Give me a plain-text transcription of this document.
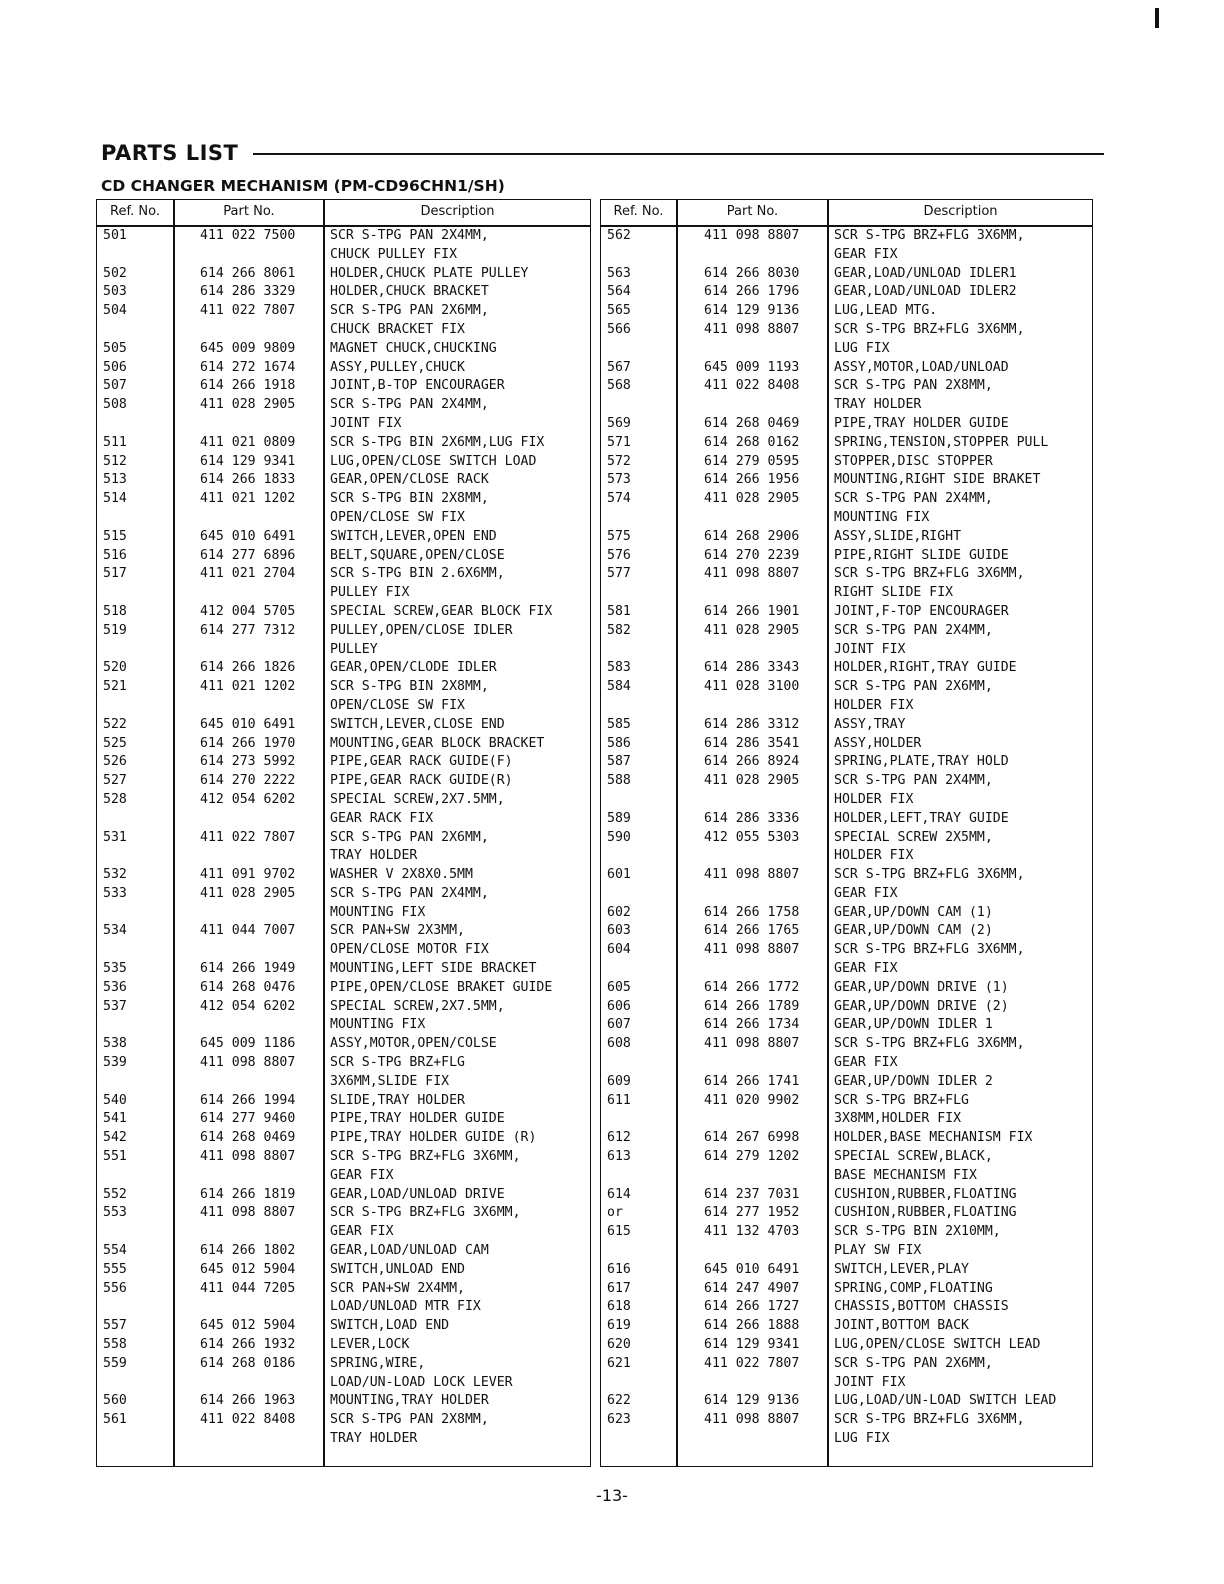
PARTS LIST
CD CHANGER MECHANISM (PM-CD96CHN1/SH)
Ref. No.	Part No.	Description
501	411 022 7500	SCR S-TPG PAN 2X4MM,
CHUCK PULLEY FIX
502	614 266 8061	HOLDER,CHUCK PLATE PULLEY
503	614 286 3329	HOLDER,CHUCK BRACKET
504	411 022 7807	SCR S-TPG PAN 2X6MM,
CHUCK BRACKET FIX
505	645 009 9809	MAGNET CHUCK,CHUCKING
506	614 272 1674	ASSY,PULLEY,CHUCK
507	614 266 1918	JOINT,B-TOP ENCOURAGER
508	411 028 2905	SCR S-TPG PAN 2X4MM,
JOINT FIX
511	411 021 0809	SCR S-TPG BIN 2X6MM,LUG FIX
512	614 129 9341	LUG,OPEN/CLOSE SWITCH LOAD
513	614 266 1833	GEAR,OPEN/CLOSE RACK
514	411 021 1202	SCR S-TPG BIN 2X8MM,
OPEN/CLOSE SW FIX
515	645 010 6491	SWITCH,LEVER,OPEN END
516	614 277 6896	BELT,SQUARE,OPEN/CLOSE
517	411 021 2704	SCR S-TPG BIN 2.6X6MM,
PULLEY FIX
518	412 004 5705	SPECIAL SCREW,GEAR BLOCK FIX
519	614 277 7312	PULLEY,OPEN/CLOSE IDLER
PULLEY
520	614 266 1826	GEAR,OPEN/CLODE IDLER
521	411 021 1202	SCR S-TPG BIN 2X8MM,
OPEN/CLOSE SW FIX
522	645 010 6491	SWITCH,LEVER,CLOSE END
525	614 266 1970	MOUNTING,GEAR BLOCK BRACKET
526	614 273 5992	PIPE,GEAR RACK GUIDE(F)
527	614 270 2222	PIPE,GEAR RACK GUIDE(R)
528	412 054 6202	SPECIAL SCREW,2X7.5MM,
GEAR RACK FIX
531	411 022 7807	SCR S-TPG PAN 2X6MM,
TRAY HOLDER
532	411 091 9702	WASHER V 2X8X0.5MM
533	411 028 2905	SCR S-TPG PAN 2X4MM,
MOUNTING FIX
534	411 044 7007	SCR PAN+SW 2X3MM,
OPEN/CLOSE MOTOR FIX
535	614 266 1949	MOUNTING,LEFT SIDE BRACKET
536	614 268 0476	PIPE,OPEN/CLOSE BRAKET GUIDE
537	412 054 6202	SPECIAL SCREW,2X7.5MM,
MOUNTING FIX
538	645 009 1186	ASSY,MOTOR,OPEN/COLSE
539	411 098 8807	SCR S-TPG BRZ+FLG
3X6MM,SLIDE FIX
540	614 266 1994	SLIDE,TRAY HOLDER
541	614 277 9460	PIPE,TRAY HOLDER GUIDE
542	614 268 0469	PIPE,TRAY HOLDER GUIDE (R)
551	411 098 8807	SCR S-TPG BRZ+FLG 3X6MM,
GEAR FIX
552	614 266 1819	GEAR,LOAD/UNLOAD DRIVE
553	411 098 8807	SCR S-TPG BRZ+FLG 3X6MM,
GEAR FIX
554	614 266 1802	GEAR,LOAD/UNLOAD CAM
555	645 012 5904	SWITCH,UNLOAD END
556	411 044 7205	SCR PAN+SW 2X4MM,
LOAD/UNLOAD MTR FIX
557	645 012 5904	SWITCH,LOAD END
558	614 266 1932	LEVER,LOCK
559	614 268 0186	SPRING,WIRE,
LOAD/UN-LOAD LOCK LEVER
560	614 266 1963	MOUNTING,TRAY HOLDER
561	411 022 8408	SCR S-TPG PAN 2X8MM,
TRAY HOLDER
Ref. No.	Part No.	Description
562	411 098 8807	SCR S-TPG BRZ+FLG 3X6MM,
GEAR FIX
563	614 266 8030	GEAR,LOAD/UNLOAD IDLER1
564	614 266 1796	GEAR,LOAD/UNLOAD IDLER2
565	614 129 9136	LUG,LEAD MTG.
566	411 098 8807	SCR S-TPG BRZ+FLG 3X6MM,
LUG FIX
567	645 009 1193	ASSY,MOTOR,LOAD/UNLOAD
568	411 022 8408	SCR S-TPG PAN 2X8MM,
TRAY HOLDER
569	614 268 0469	PIPE,TRAY HOLDER GUIDE
571	614 268 0162	SPRING,TENSION,STOPPER PULL
572	614 279 0595	STOPPER,DISC STOPPER
573	614 266 1956	MOUNTING,RIGHT SIDE BRAKET
574	411 028 2905	SCR S-TPG PAN 2X4MM,
MOUNTING FIX
575	614 268 2906	ASSY,SLIDE,RIGHT
576	614 270 2239	PIPE,RIGHT SLIDE GUIDE
577	411 098 8807	SCR S-TPG BRZ+FLG 3X6MM,
RIGHT SLIDE FIX
581	614 266 1901	JOINT,F-TOP ENCOURAGER
582	411 028 2905	SCR S-TPG PAN 2X4MM,
JOINT FIX
583	614 286 3343	HOLDER,RIGHT,TRAY GUIDE
584	411 028 3100	SCR S-TPG PAN 2X6MM,
HOLDER FIX
585	614 286 3312	ASSY,TRAY
586	614 286 3541	ASSY,HOLDER
587	614 266 8924	SPRING,PLATE,TRAY HOLD
588	411 028 2905	SCR S-TPG PAN 2X4MM,
HOLDER FIX
589	614 286 3336	HOLDER,LEFT,TRAY GUIDE
590	412 055 5303	SPECIAL SCREW 2X5MM,
HOLDER FIX
601	411 098 8807	SCR S-TPG BRZ+FLG 3X6MM,
GEAR FIX
602	614 266 1758	GEAR,UP/DOWN CAM (1)
603	614 266 1765	GEAR,UP/DOWN CAM (2)
604	411 098 8807	SCR S-TPG BRZ+FLG 3X6MM,
GEAR FIX
605	614 266 1772	GEAR,UP/DOWN DRIVE (1)
606	614 266 1789	GEAR,UP/DOWN DRIVE (2)
607	614 266 1734	GEAR,UP/DOWN IDLER 1
608	411 098 8807	SCR S-TPG BRZ+FLG 3X6MM,
GEAR FIX
609	614 266 1741	GEAR,UP/DOWN IDLER 2
611	411 020 9902	SCR S-TPG BRZ+FLG
3X8MM,HOLDER FIX
612	614 267 6998	HOLDER,BASE MECHANISM FIX
613	614 279 1202	SPECIAL SCREW,BLACK,
BASE MECHANISM FIX
614	614 237 7031	CUSHION,RUBBER,FLOATING
or	614 277 1952	CUSHION,RUBBER,FLOATING
615	411 132 4703	SCR S-TPG BIN 2X10MM,
PLAY SW FIX
616	645 010 6491	SWITCH,LEVER,PLAY
617	614 247 4907	SPRING,COMP,FLOATING
618	614 266 1727	CHASSIS,BOTTOM CHASSIS
619	614 266 1888	JOINT,BOTTOM BACK
620	614 129 9341	LUG,OPEN/CLOSE SWITCH LEAD
621	411 022 7807	SCR S-TPG PAN 2X6MM,
JOINT FIX
622	614 129 9136	LUG,LOAD/UN-LOAD SWITCH LEAD
623	411 098 8807	SCR S-TPG BRZ+FLG 3X6MM,
LUG FIX
-13-
